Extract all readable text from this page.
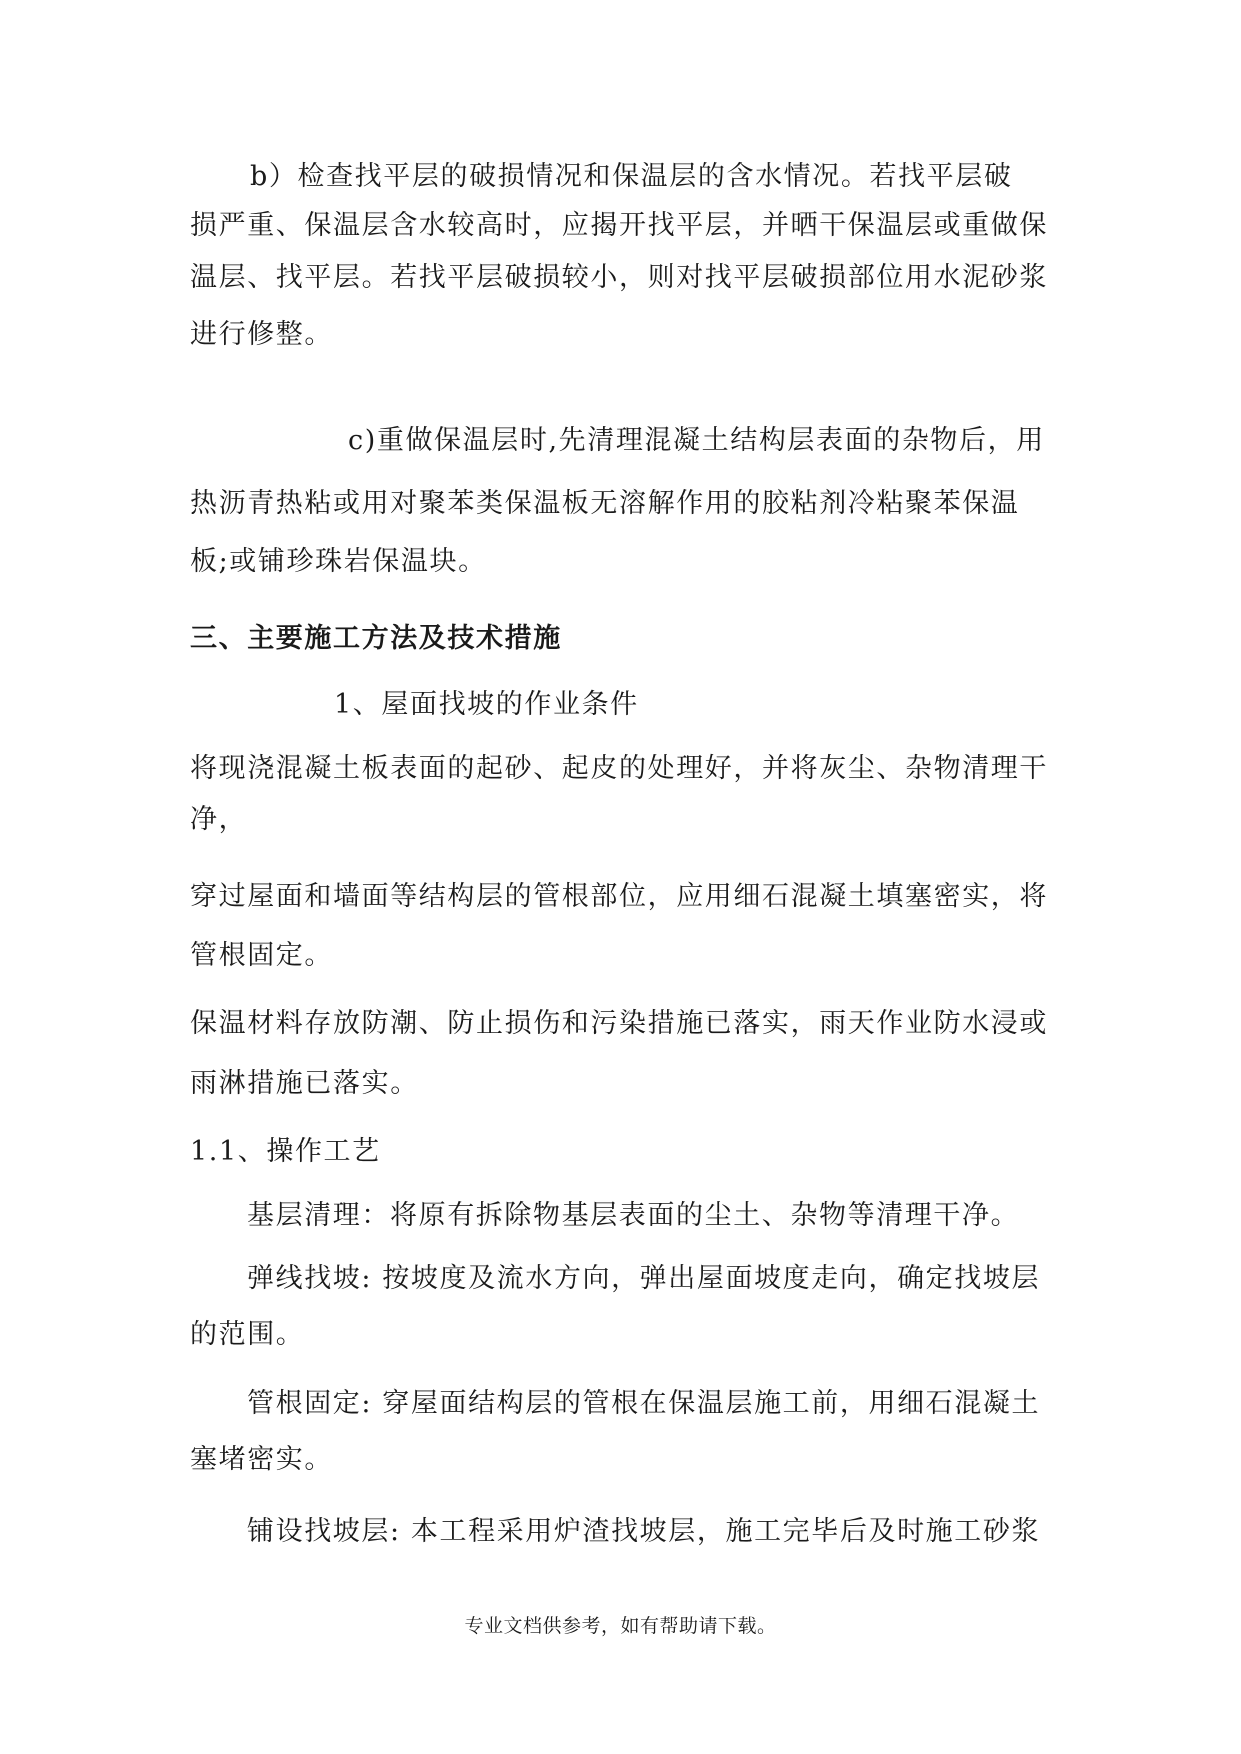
b）检查找平层的破损情况和保温层的含水情况。若找平层破
损严重、保温层含水较高时，应揭开找平层，并晒干保温层或重做保
温层、找平层。若找平层破损较小，则对找平层破损部位用水泥砂浆
进行修整。
c)重做保温层时,先清理混凝土结构层表面的杂物后，用
热沥青热粘或用对聚苯类保温板无溶解作用的胶粘剂冷粘聚苯保温
板;或铺珍珠岩保温块。
三、主要施工方法及技术措施
1、屋面找坡的作业条件
将现浇混凝土板表面的起砂、起皮的处理好，并将灰尘、杂物清理干
净，
穿过屋面和墙面等结构层的管根部位，应用细石混凝土填塞密实，将
管根固定。
保温材料存放防潮、防止损伤和污染措施已落实，雨天作业防水浸或
雨淋措施已落实。
1.1、操作工艺
基层清理：将原有拆除物基层表面的尘土、杂物等清理干净。
弹线找坡: 按坡度及流水方向，弹出屋面坡度走向，确定找坡层
的范围。
管根固定: 穿屋面结构层的管根在保温层施工前，用细石混凝土
塞堵密实。
铺设找坡层: 本工程采用炉渣找坡层，施工完毕后及时施工砂浆
专业文档供参考，如有帮助请下载。
